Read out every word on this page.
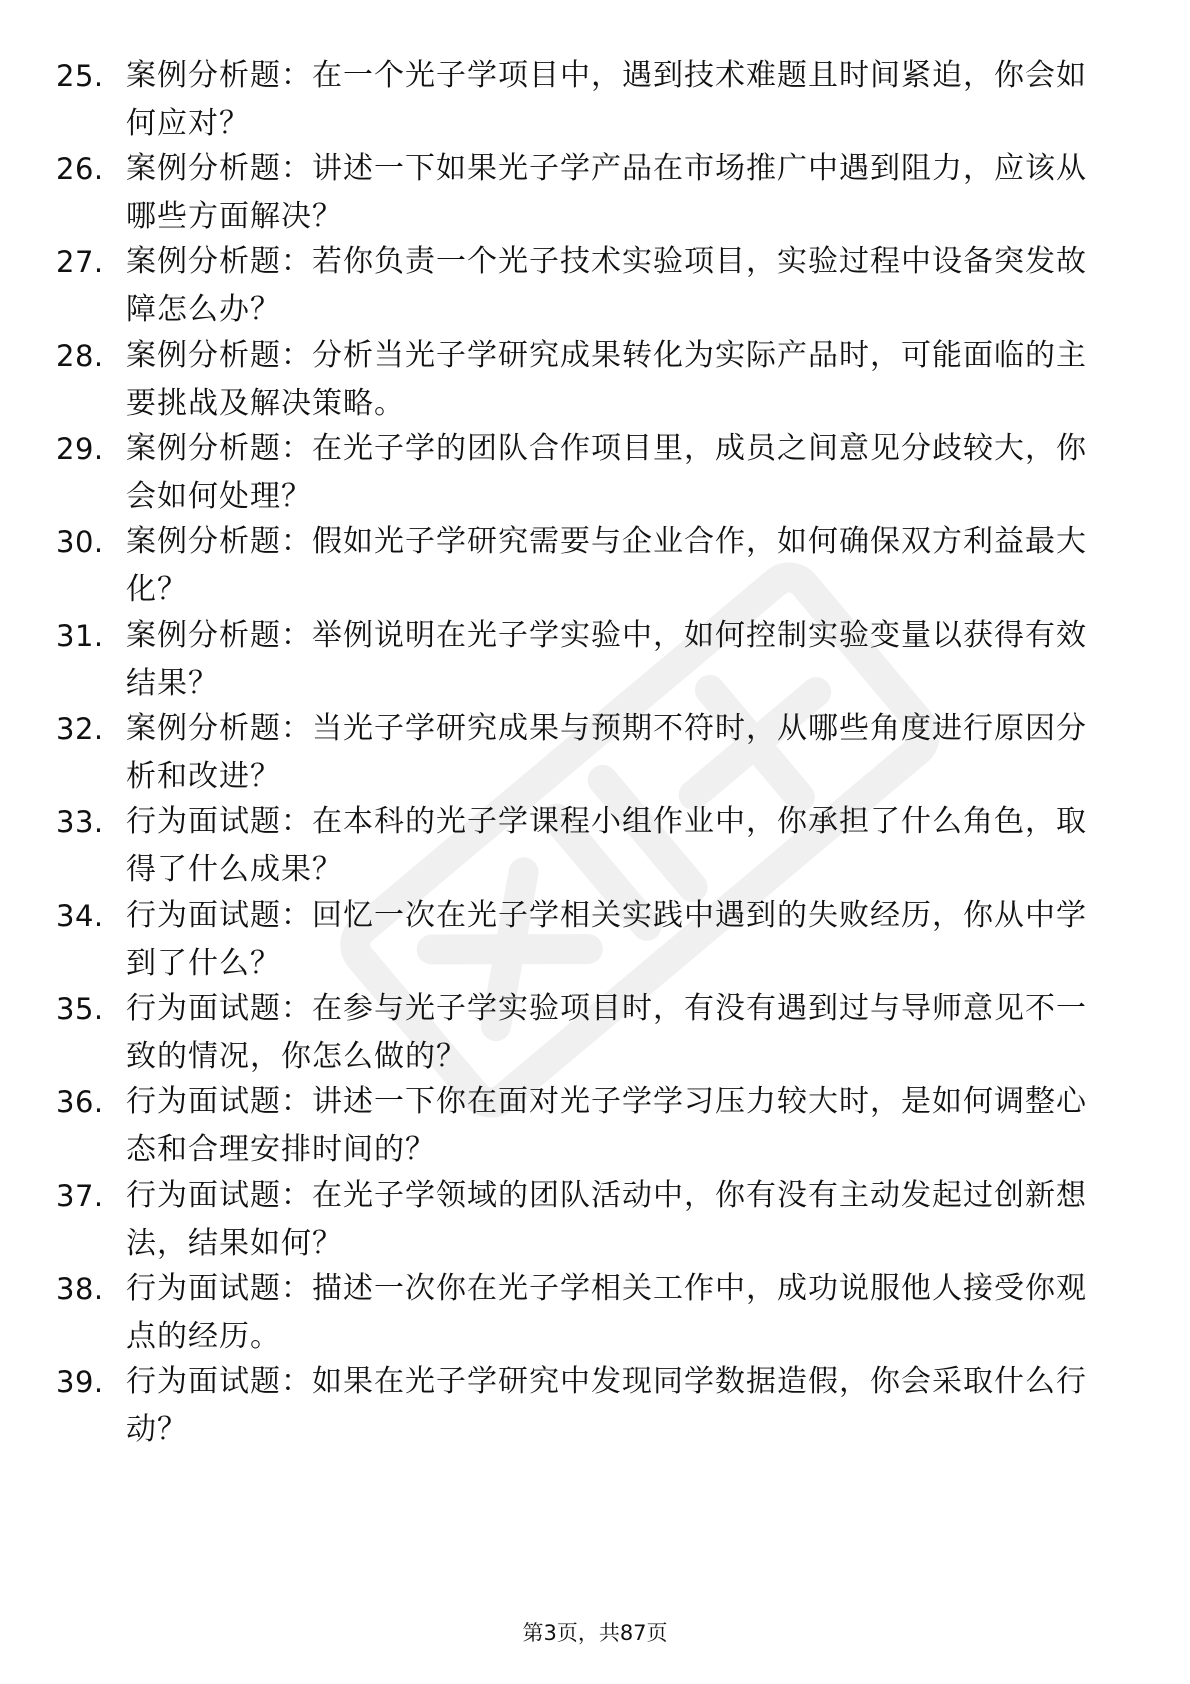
25. 案例分析题：在一个光子学项目中，遇到技术难题且时间紧迫，你会如何应对？
26. 案例分析题：讲述一下如果光子学产品在市场推广中遇到阻力，应该从哪些方面解决？
27. 案例分析题：若你负责一个光子技术实验项目，实验过程中设备突发故障怎么办？
28. 案例分析题：分析当光子学研究成果转化为实际产品时，可能面临的主要挑战及解决策略。
29. 案例分析题：在光子学的团队合作项目里，成员之间意见分歧较大，你会如何处理？
30. 案例分析题：假如光子学研究需要与企业合作，如何确保双方利益最大化？
31. 案例分析题：举例说明在光子学实验中，如何控制实验变量以获得有效结果？
32. 案例分析题：当光子学研究成果与预期不符时，从哪些角度进行原因分析和改进？
33. 行为面试题：在本科的光子学课程小组作业中，你承担了什么角色，取得了什么成果？
34. 行为面试题：回忆一次在光子学相关实践中遇到的失败经历，你从中学到了什么？
35. 行为面试题：在参与光子学实验项目时，有没有遇到过与导师意见不一致的情况，你怎么做的？
36. 行为面试题：讲述一下你在面对光子学学习压力较大时，是如何调整心态和合理安排时间的？
37. 行为面试题：在光子学领域的团队活动中，你有没有主动发起过创新想法，结果如何？
38. 行为面试题：描述一次你在光子学相关工作中，成功说服他人接受你观点的经历。
39. 行为面试题：如果在光子学研究中发现同学数据造假，你会采取什么行动？
第3页，共87页
